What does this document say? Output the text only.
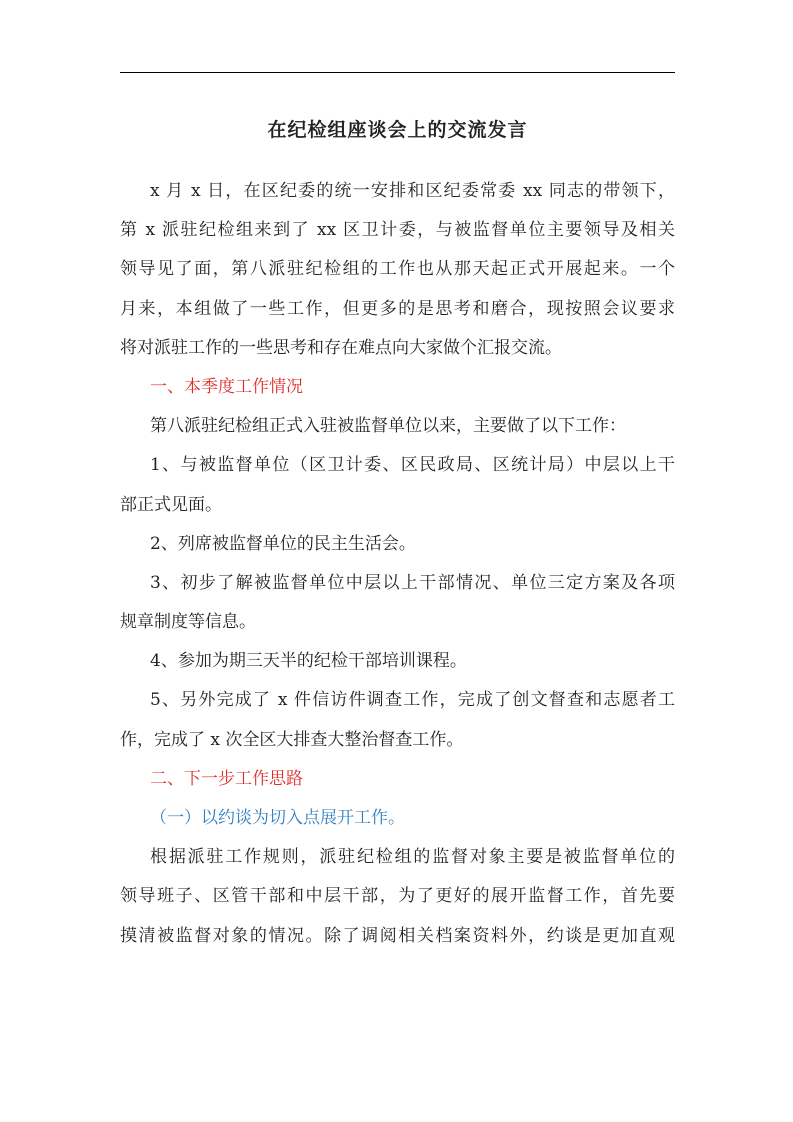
在纪检组座谈会上的交流发言
x 月 x 日，在区纪委的统一安排和区纪委常委 xx 同志的带领下，
第 x 派驻纪检组来到了 xx 区卫计委，与被监督单位主要领导及相关
领导见了面，第八派驻纪检组的工作也从那天起正式开展起来。一个
月来，本组做了一些工作，但更多的是思考和磨合，现按照会议要求
将对派驻工作的一些思考和存在难点向大家做个汇报交流。
一、本季度工作情况
第八派驻纪检组正式入驻被监督单位以来，主要做了以下工作：
1、与被监督单位（区卫计委、区民政局、区统计局）中层以上干
部正式见面。
2、列席被监督单位的民主生活会。
3、初步了解被监督单位中层以上干部情况、单位三定方案及各项
规章制度等信息。
4、参加为期三天半的纪检干部培训课程。
5、另外完成了 x 件信访件调查工作，完成了创文督查和志愿者工
作，完成了 x 次全区大排查大整治督查工作。
二、下一步工作思路
（一）以约谈为切入点展开工作。
根据派驻工作规则，派驻纪检组的监督对象主要是被监督单位的
领导班子、区管干部和中层干部，为了更好的展开监督工作，首先要
摸清被监督对象的情况。除了调阅相关档案资料外，约谈是更加直观
